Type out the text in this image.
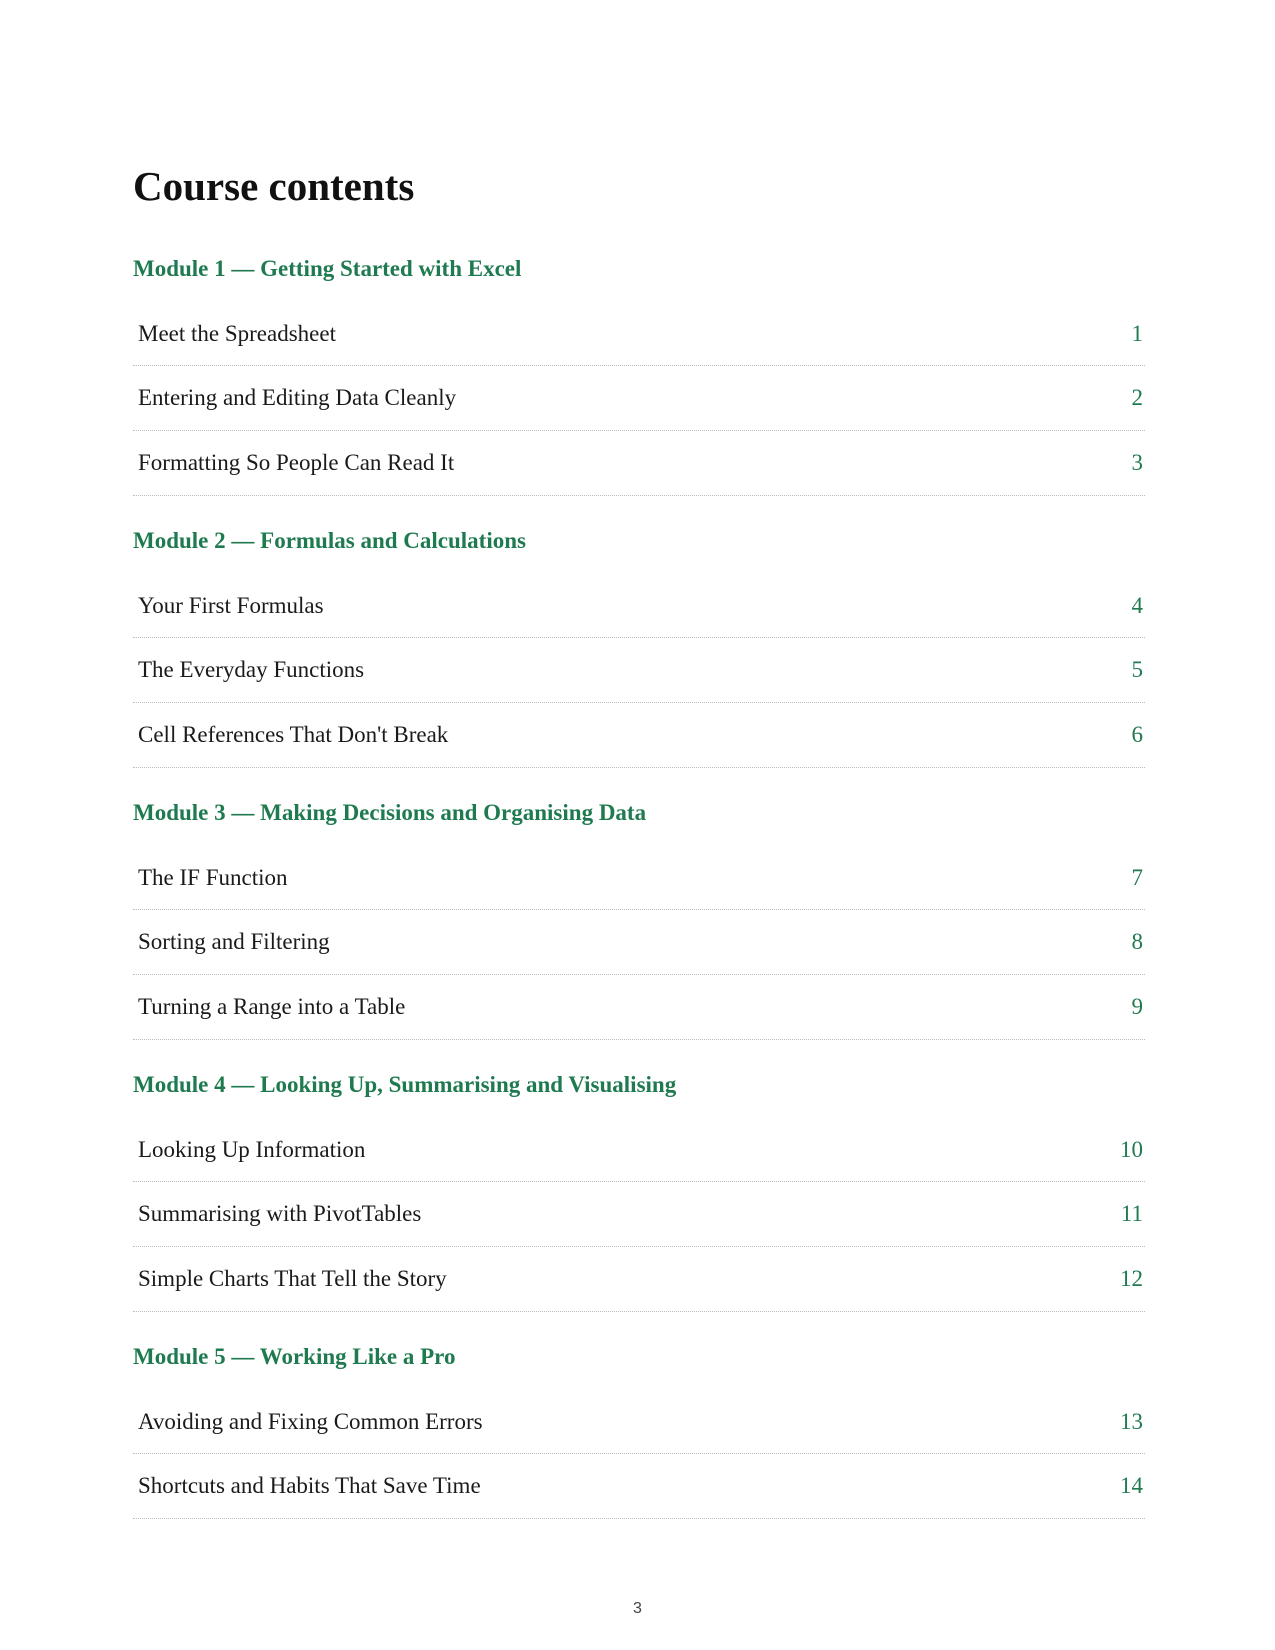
Course contents
Module 1 — Getting Started with Excel
Meet the Spreadsheet	1
Entering and Editing Data Cleanly	2
Formatting So People Can Read It	3
Module 2 — Formulas and Calculations
Your First Formulas	4
The Everyday Functions	5
Cell References That Don't Break	6
Module 3 — Making Decisions and Organising Data
The IF Function	7
Sorting and Filtering	8
Turning a Range into a Table	9
Module 4 — Looking Up, Summarising and Visualising
Looking Up Information	10
Summarising with PivotTables	11
Simple Charts That Tell the Story	12
Module 5 — Working Like a Pro
Avoiding and Fixing Common Errors	13
Shortcuts and Habits That Save Time	14
3
